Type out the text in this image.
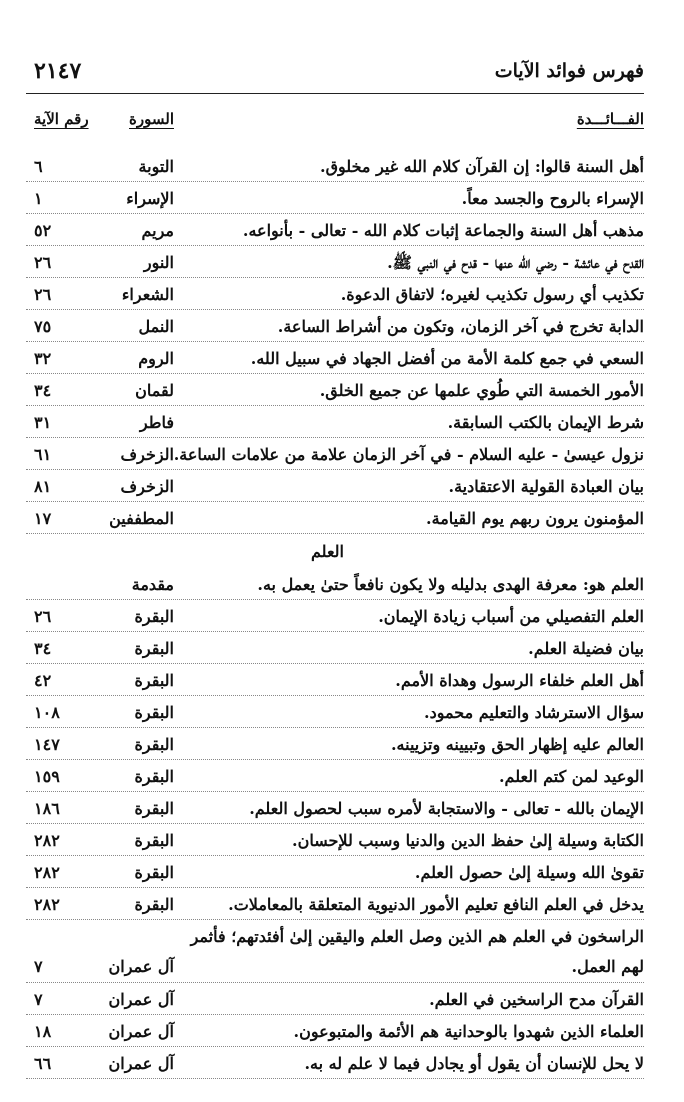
فهرس فوائد الآيات
٢١٤٧
الفـــائـــدة
السورة
رقم الآية
أهل السنة قالوا: إن القرآن كلام الله غير مخلوق.
التوبة
٦
الإسراء بالروح والجسد معاً.
الإسراء
١
مذهب أهل السنة والجماعة إثبات كلام الله - تعالى - بأنواعه.
مريم
٥٢
القدح في عائشة - رضي الله عنها - قدح في النبي ﷺ.
النور
٢٦
تكذيب أي رسول تكذيب لغيره؛ لاتفاق الدعوة.
الشعراء
٢٦
الدابة تخرج في آخر الزمان، وتكون من أشراط الساعة.
النمل
٧٥
السعي في جمع كلمة الأمة من أفضل الجهاد في سبيل الله.
الروم
٣٢
الأمور الخمسة التي طُوي علمها عن جميع الخلق.
لقمان
٣٤
شرط الإيمان بالكتب السابقة.
فاطر
٣١
نزول عيسىٰ - عليه السلام - في آخر الزمان علامة من علامات الساعة.
الزخرف
٦١
بيان العبادة القولية الاعتقادية.
الزخرف
٨١
المؤمنون يرون ربهم يوم القيامة.
المطففين
١٧
العلم
العلم هو: معرفة الهدى بدليله ولا يكون نافعاً حتىٰ يعمل به.
مقدمة
العلم التفصيلي من أسباب زيادة الإيمان.
البقرة
٢٦
بيان فضيلة العلم.
البقرة
٣٤
أهل العلم خلفاء الرسول وهداة الأمم.
البقرة
٤٢
سؤال الاسترشاد والتعليم محمود.
البقرة
١٠٨
العالم عليه إظهار الحق وتبيينه وتزيينه.
البقرة
١٤٧
الوعيد لمن كتم العلم.
البقرة
١٥٩
الإيمان بالله - تعالى - والاستجابة لأمره سبب لحصول العلم.
البقرة
١٨٦
الكتابة وسيلة إلىٰ حفظ الدين والدنيا وسبب للإحسان.
البقرة
٢٨٢
تقوىٰ الله وسيلة إلىٰ حصول العلم.
البقرة
٢٨٢
يدخل في العلم النافع تعليم الأمور الدنيوية المتعلقة بالمعاملات.
البقرة
٢٨٢
الراسخون في العلم هم الذين وصل العلم واليقين إلىٰ أفئدتهم؛ فأثمر لهم العمل.
آل عمران
٧
القرآن مدح الراسخين في العلم.
آل عمران
٧
العلماء الذين شهدوا بالوحدانية هم الأئمة والمتبوعون.
آل عمران
١٨
لا يحل للإنسان أن يقول أو يجادل فيما لا علم له به.
آل عمران
٦٦
